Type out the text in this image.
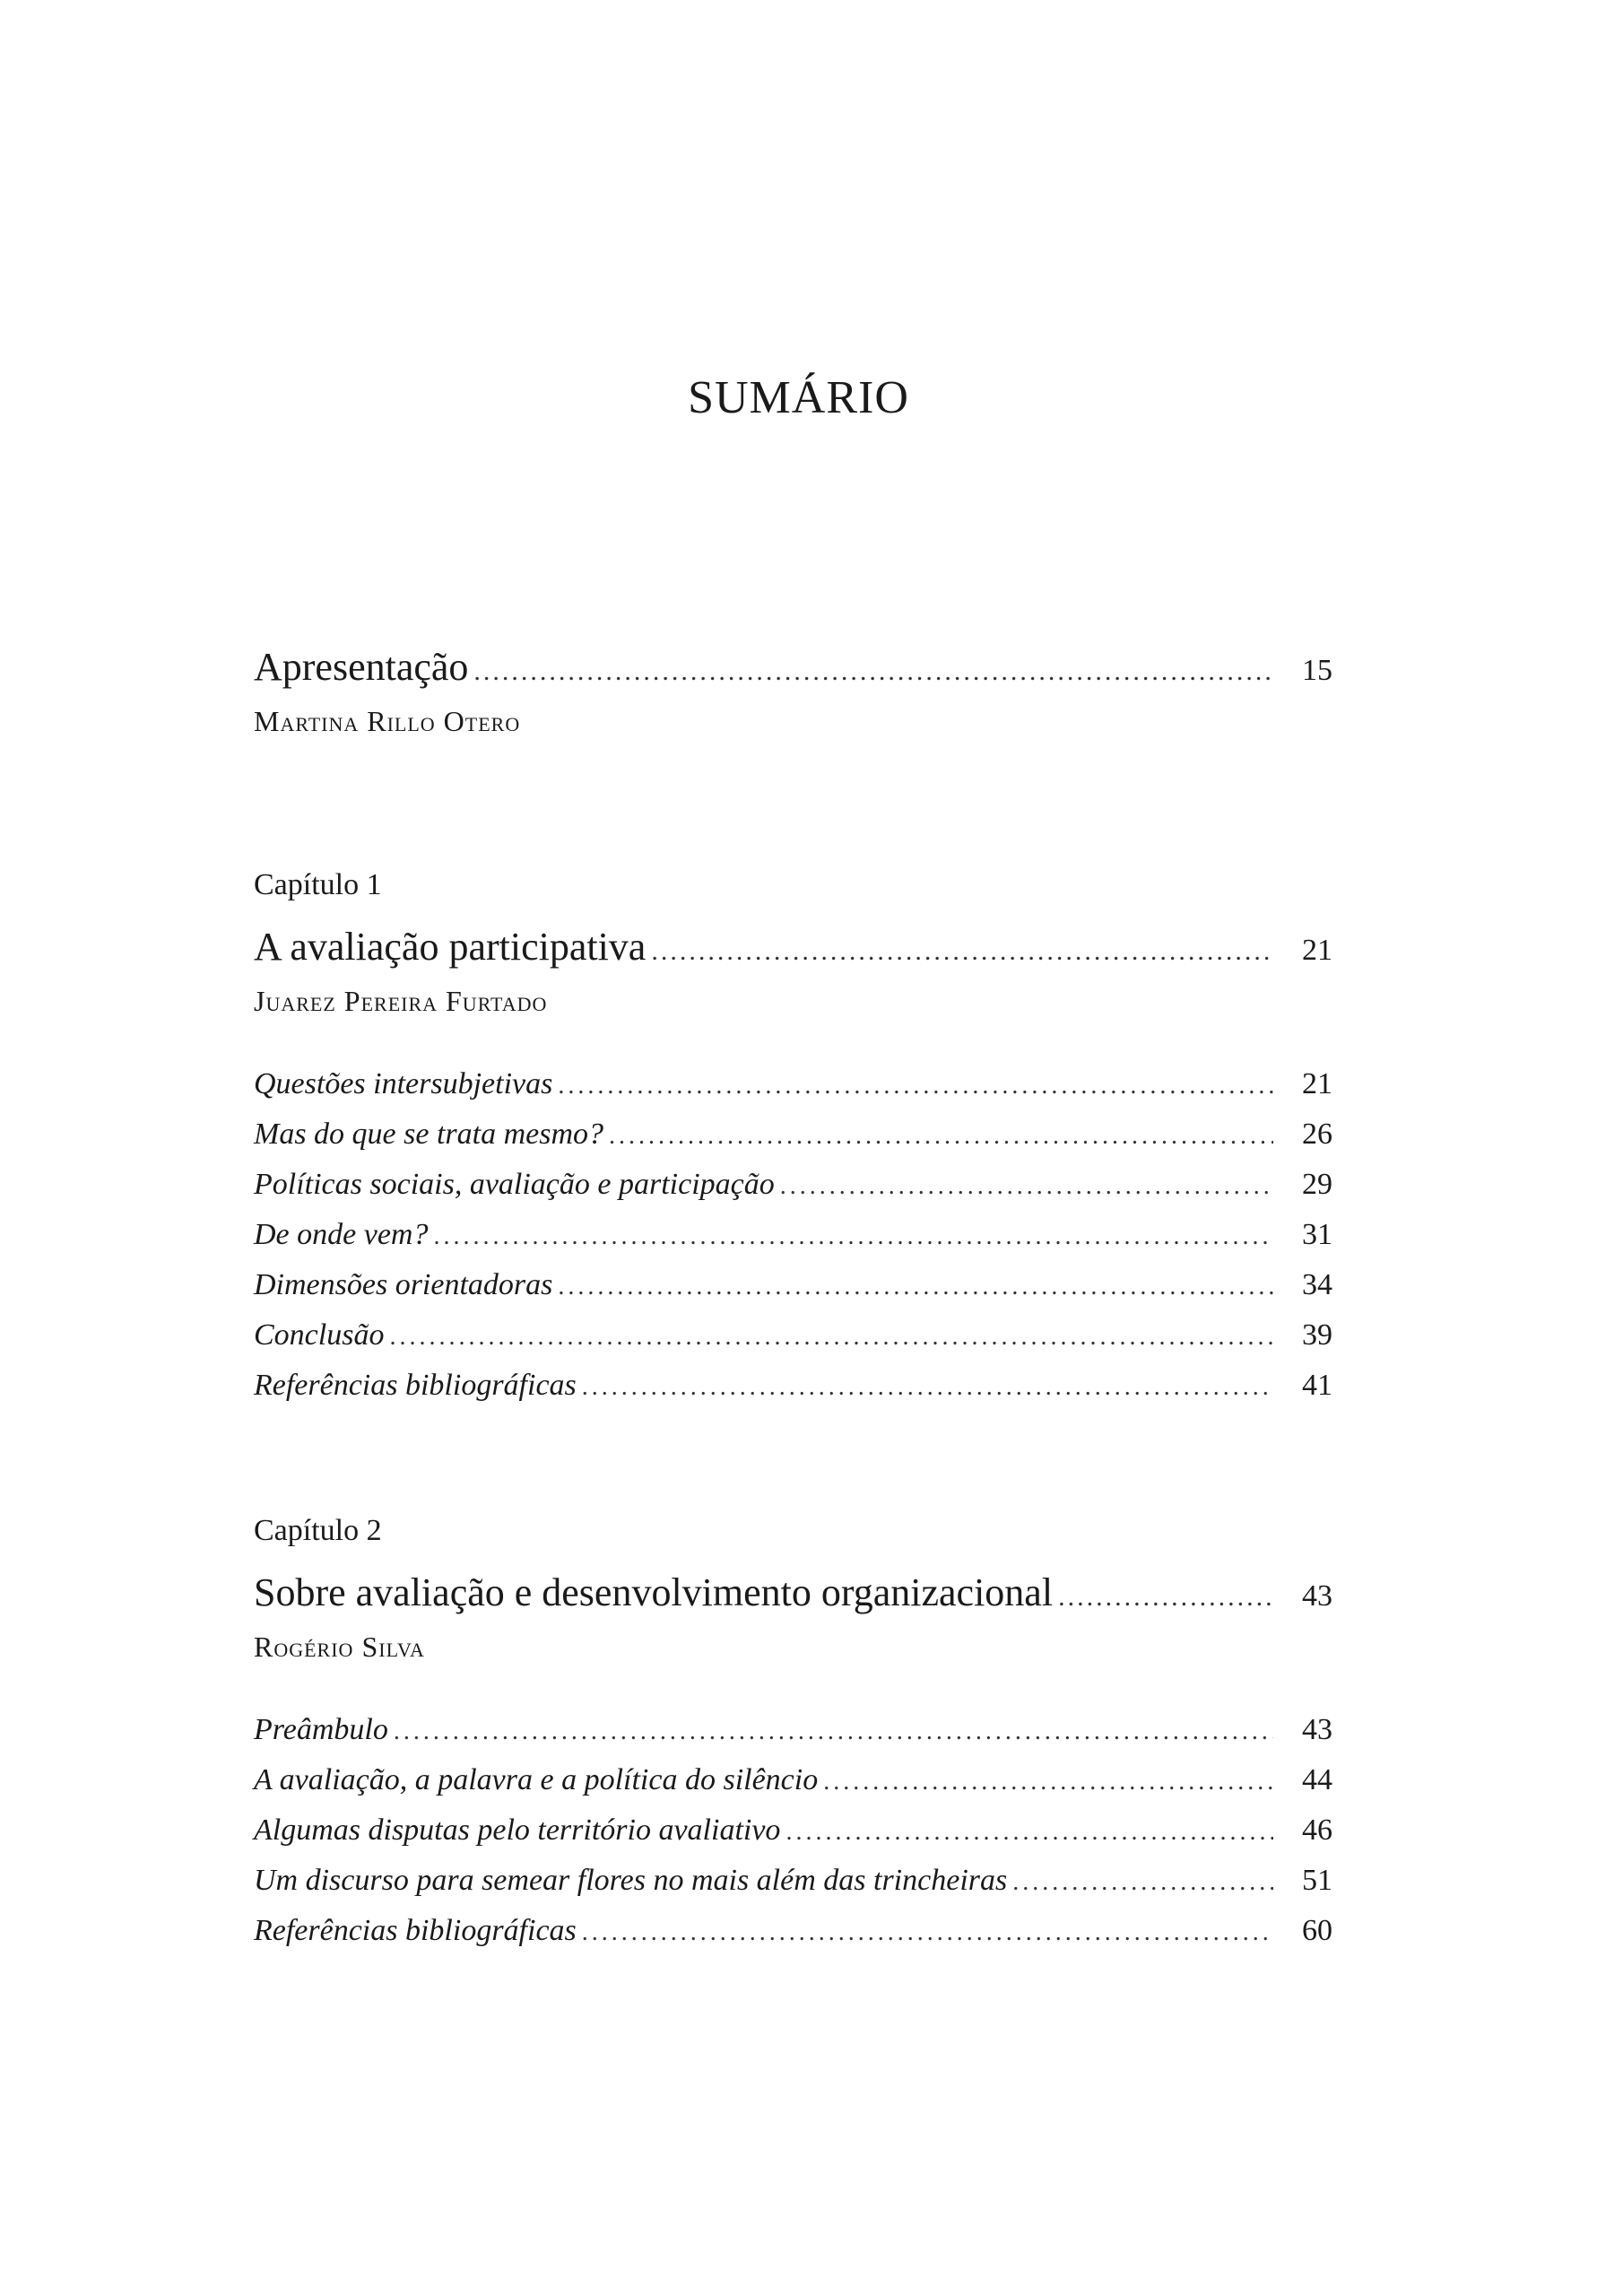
SUMÁRIO
Apresentação .....	15
Martina Rillo Otero
Capítulo 1
A avaliação participativa .....	21
Juarez Pereira Furtado
Questões intersubjetivas .....	21
Mas do que se trata mesmo? .....	26
Políticas sociais, avaliação e participação .....	29
De onde vem? .....	31
Dimensões orientadoras .....	34
Conclusão .....	39
Referências bibliográficas .....	41
Capítulo 2
Sobre avaliação e desenvolvimento organizacional .....	43
Rogério Silva
Preâmbulo .....	43
A avaliação, a palavra e a política do silêncio .....	44
Algumas disputas pelo território avaliativo .....	46
Um discurso para semear flores no mais além das trincheiras .....	51
Referências bibliográficas .....	60
